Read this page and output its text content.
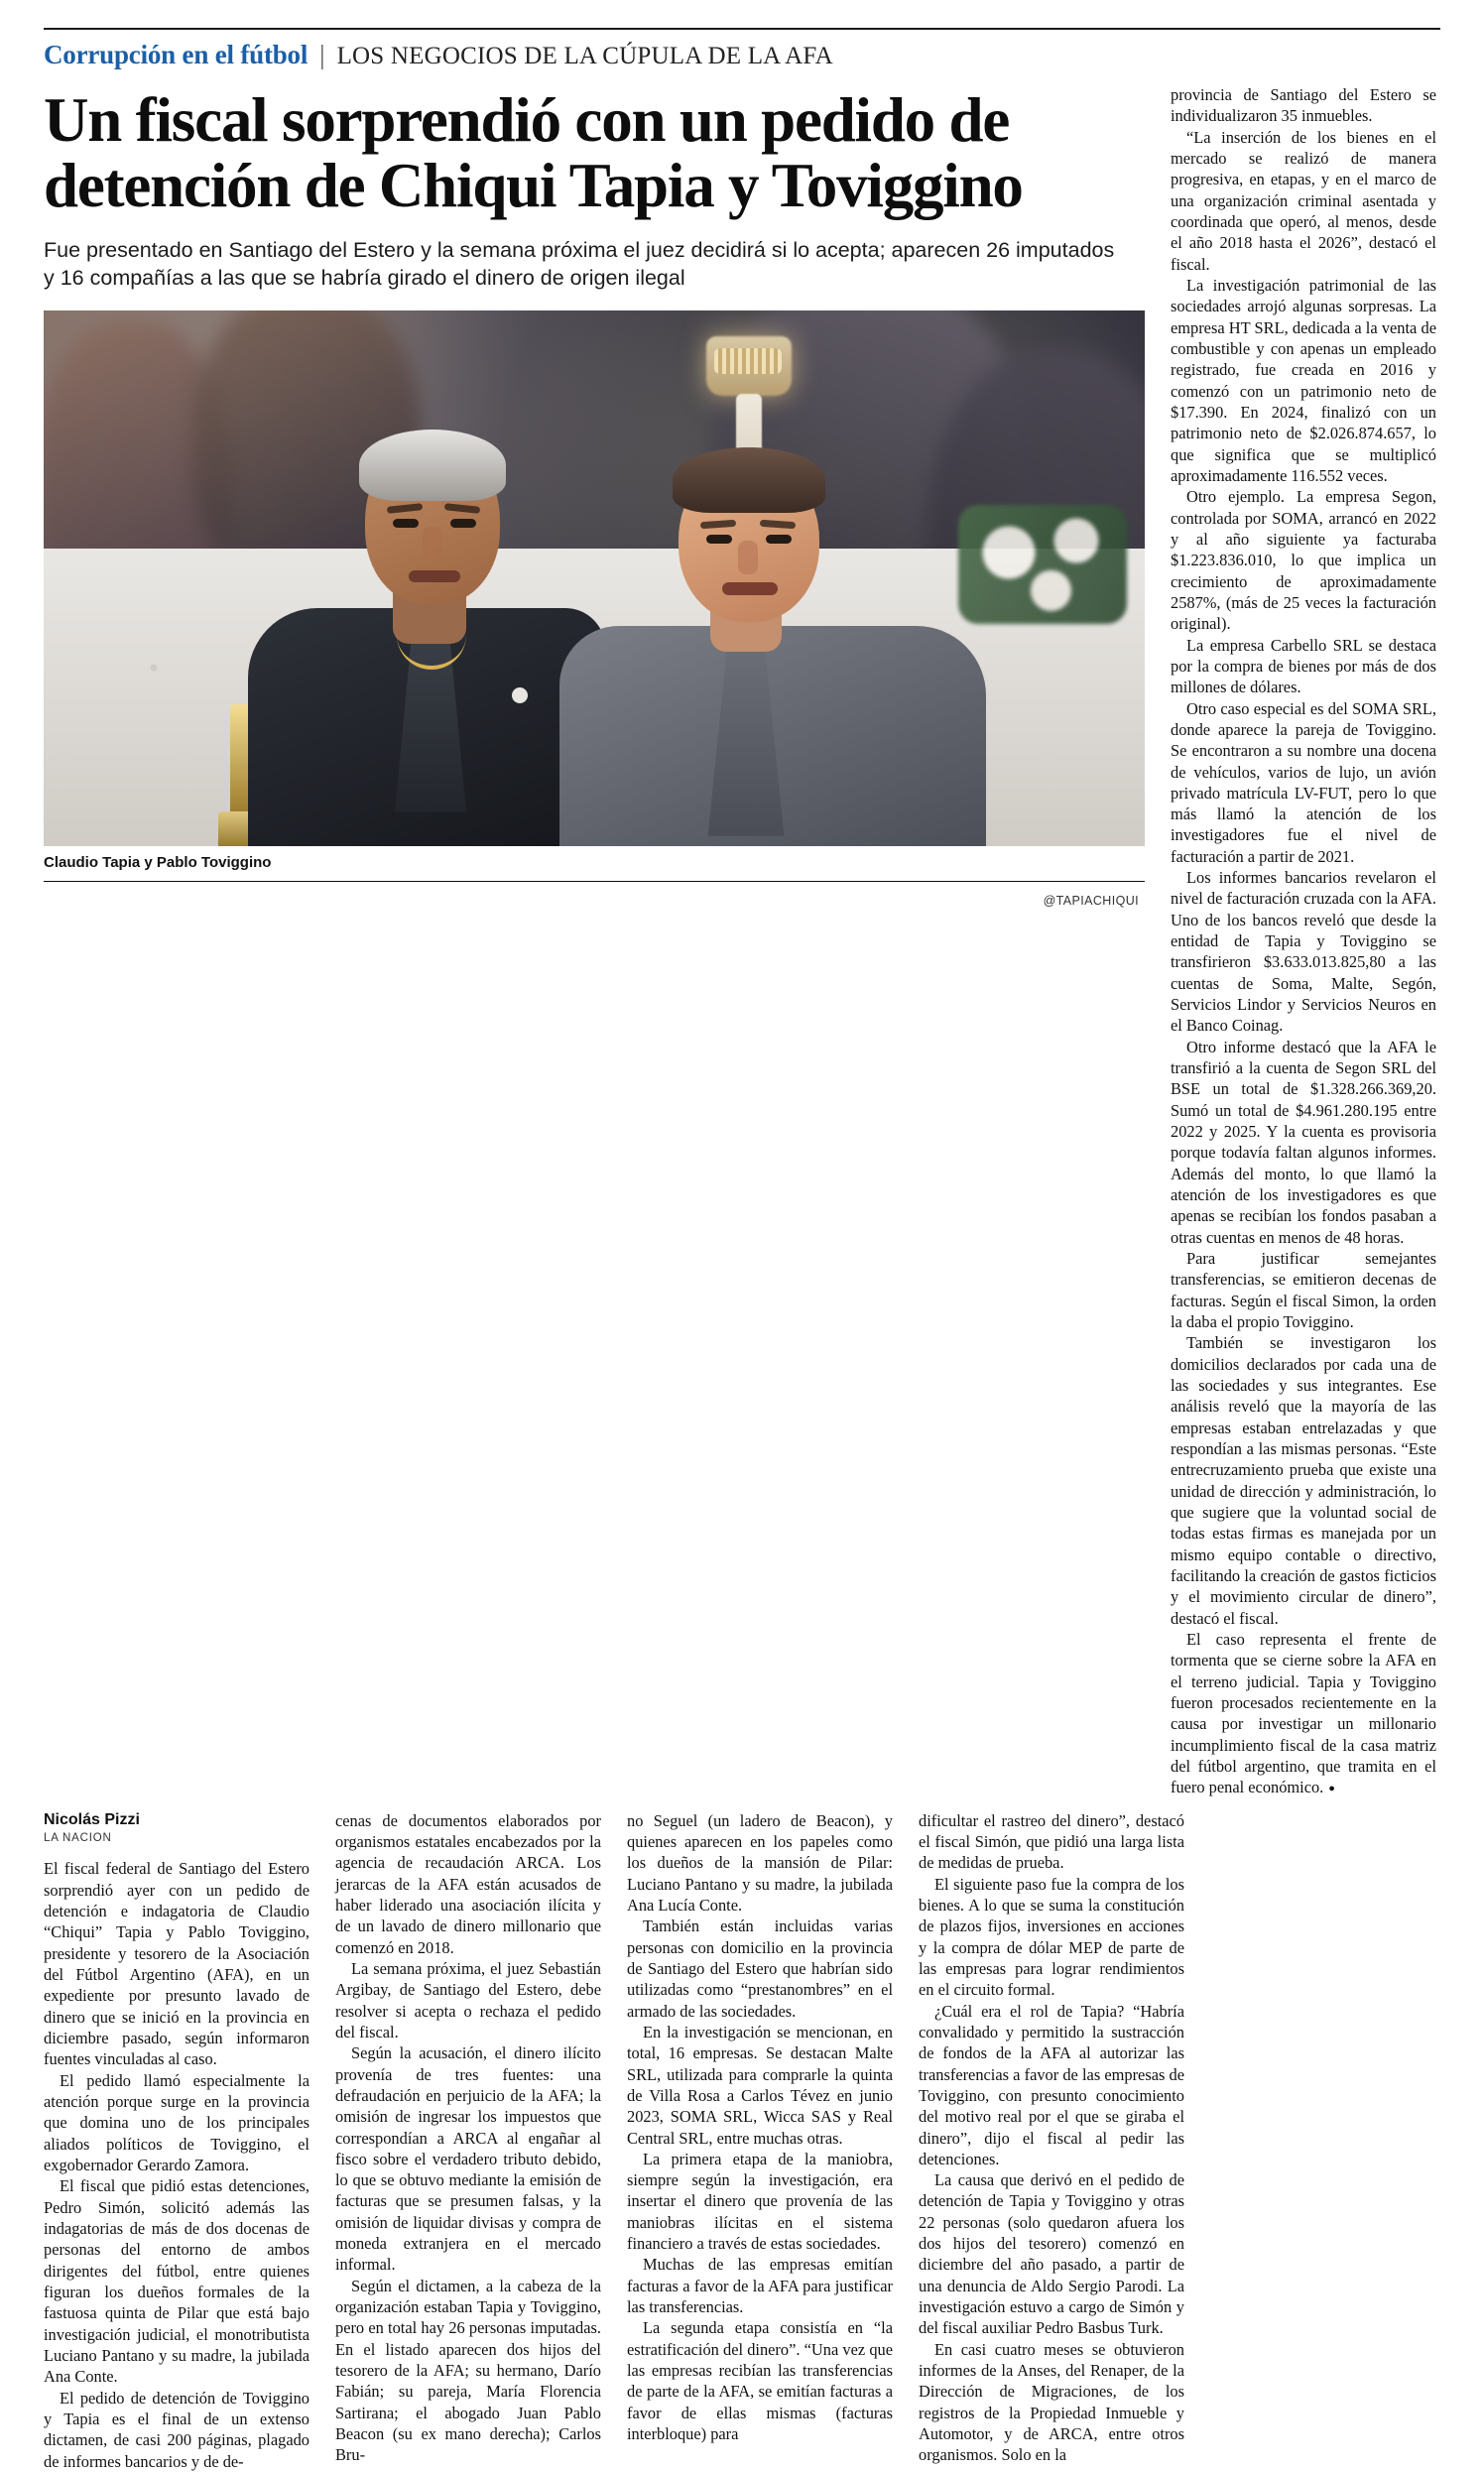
Corrupción en el fútbol | LOS NEGOCIOS DE LA CÚPULA DE LA AFA
Un fiscal sorprendió con un pedido de detención de Chiqui Tapia y Toviggino
Fue presentado en Santiago del Estero y la semana próxima el juez decidirá si lo acepta; aparecen 26 imputados y 16 compañías a las que se habría girado el dinero de origen ilegal
Claudio Tapia y Pablo Toviggino
@TAPIACHIQUI

provincia de Santiago del Estero se individualizaron 35 inmuebles.

“La inserción de los bienes en el mercado se realizó de manera progresiva, en etapas, y en el marco de una organización criminal asentada y coordinada que operó, al menos, desde el año 2018 hasta el 2026”, destacó el fiscal.

La investigación patrimonial de las sociedades arrojó algunas sorpresas. La empresa HT SRL, dedicada a la venta de combustible y con apenas un empleado registrado, fue creada en 2016 y comenzó con un patrimonio neto de $17.390. En 2024, finalizó con un patrimonio neto de $2.026.874.657, lo que significa que se multiplicó aproximadamente 116.552 veces.

Otro ejemplo. La empresa Segon, controlada por SOMA, arrancó en 2022 y al año siguiente ya facturaba $1.223.836.010, lo que implica un crecimiento de aproximadamente 2587%, (más de 25 veces la facturación original).

La empresa Carbello SRL se destaca por la compra de bienes por más de dos millones de dólares.

Otro caso especial es del SOMA SRL, donde aparece la pareja de Toviggino. Se encontraron a su nombre una docena de vehículos, varios de lujo, un avión privado matrícula LV-FUT, pero lo que más llamó la atención de los investigadores fue el nivel de facturación a partir de 2021.

Los informes bancarios revelaron el nivel de facturación cruzada con la AFA. Uno de los bancos reveló que desde la entidad de Tapia y Toviggino se transfirieron $3.633.013.825,80 a las cuentas de Soma, Malte, Segón, Servicios Lindor y Servicios Neuros en el Banco Coinag.

Otro informe destacó que la AFA le transfirió a la cuenta de Segon SRL del BSE un total de $1.328.266.369,20. Sumó un total de $4.961.280.195 entre 2022 y 2025. Y la cuenta es provisoria porque todavía faltan algunos informes. Además del monto, lo que llamó la atención de los investigadores es que apenas se recibían los fondos pasaban a otras cuentas en menos de 48 horas.

Para justificar semejantes transferencias, se emitieron decenas de facturas. Según el fiscal Simon, la orden la daba el propio Toviggino.

También se investigaron los domicilios declarados por cada una de las sociedades y sus integrantes. Ese análisis reveló que la mayoría de las empresas estaban entrelazadas y que respondían a las mismas personas. “Este entrecruzamiento prueba que existe una unidad de dirección y administración, lo que sugiere que la voluntad social de todas estas firmas es manejada por un mismo equipo contable o directivo, facilitando la creación de gastos ficticios y el movimiento circular de dinero”, destacó el fiscal.

El caso representa el frente de tormenta que se cierne sobre la AFA en el terreno judicial. Tapia y Toviggino fueron procesados recientemente en la causa por investigar un millonario incumplimiento fiscal de la casa matriz del fútbol argentino, que tramita en el fuero penal económico. ●

Nicolás Pizzi
LA NACION

El fiscal federal de Santiago del Estero sorprendió ayer con un pedido de detención e indagatoria de Claudio “Chiqui” Tapia y Pablo Toviggino, presidente y tesorero de la Asociación del Fútbol Argentino (AFA), en un expediente por presunto lavado de dinero que se inició en la provincia en diciembre pasado, según informaron fuentes vinculadas al caso.

El pedido llamó especialmente la atención porque surge en la provincia que domina uno de los principales aliados políticos de Toviggino, el exgobernador Gerardo Zamora.

El fiscal que pidió estas detenciones, Pedro Simón, solicitó además las indagatorias de más de dos docenas de personas del entorno de ambos dirigentes del fútbol, entre quienes figuran los dueños formales de la fastuosa quinta de Pilar que está bajo investigación judicial, el monotributista Luciano Pantano y su madre, la jubilada Ana Conte.

El pedido de detención de Toviggino y Tapia es el final de un extenso dictamen, de casi 200 páginas, plagado de informes bancarios y de de-

cenas de documentos elaborados por organismos estatales encabezados por la agencia de recaudación ARCA. Los jerarcas de la AFA están acusados de haber liderado una asociación ilícita y de un lavado de dinero millonario que comenzó en 2018.

La semana próxima, el juez Sebastián Argibay, de Santiago del Estero, debe resolver si acepta o rechaza el pedido del fiscal.

Según la acusación, el dinero ilícito provenía de tres fuentes: una defraudación en perjuicio de la AFA; la omisión de ingresar los impuestos que correspondían a ARCA al engañar al fisco sobre el verdadero tributo debido, lo que se obtuvo mediante la emisión de facturas que se presumen falsas, y la omisión de liquidar divisas y compra de moneda extranjera en el mercado informal.

Según el dictamen, a la cabeza de la organización estaban Tapia y Toviggino, pero en total hay 26 personas imputadas. En el listado aparecen dos hijos del tesorero de la AFA; su hermano, Darío Fabián; su pareja, María Florencia Sartirana; el abogado Juan Pablo Beacon (su ex mano derecha); Carlos Bru-

no Seguel (un ladero de Beacon), y quienes aparecen en los papeles como los dueños de la mansión de Pilar: Luciano Pantano y su madre, la jubilada Ana Lucía Conte.

También están incluidas varias personas con domicilio en la provincia de Santiago del Estero que habrían sido utilizadas como “prestanombres” en el armado de las sociedades.

En la investigación se mencionan, en total, 16 empresas. Se destacan Malte SRL, utilizada para comprarle la quinta de Villa Rosa a Carlos Tévez en junio 2023, SOMA SRL, Wicca SAS y Real Central SRL, entre muchas otras.

La primera etapa de la maniobra, siempre según la investigación, era insertar el dinero que provenía de las maniobras ilícitas en el sistema financiero a través de estas sociedades.

Muchas de las empresas emitían facturas a favor de la AFA para justificar las transferencias.

La segunda etapa consistía en “la estratificación del dinero”. “Una vez que las empresas recibían las transferencias de parte de la AFA, se emitían facturas a favor de ellas mismas (facturas interbloque) para

dificultar el rastreo del dinero”, destacó el fiscal Simón, que pidió una larga lista de medidas de prueba.

El siguiente paso fue la compra de los bienes. A lo que se suma la constitución de plazos fijos, inversiones en acciones y la compra de dólar MEP de parte de las empresas para lograr rendimientos en el circuito formal.

¿Cuál era el rol de Tapia? “Habría convalidado y permitido la sustracción de fondos de la AFA al autorizar las transferencias a favor de las empresas de Toviggino, con presunto conocimiento del motivo real por el que se giraba el dinero”, dijo el fiscal al pedir las detenciones.

La causa que derivó en el pedido de detención de Tapia y Toviggino y otras 22 personas (solo quedaron afuera los dos hijos del tesorero) comenzó en diciembre del año pasado, a partir de una denuncia de Aldo Sergio Parodi. La investigación estuvo a cargo de Simón y del fiscal auxiliar Pedro Basbus Turk.

En casi cuatro meses se obtuvieron informes de la Anses, del Renaper, de la Dirección de Migraciones, de los registros de la Propiedad Inmueble y Automotor, y de ARCA, entre otros organismos. Solo en la
